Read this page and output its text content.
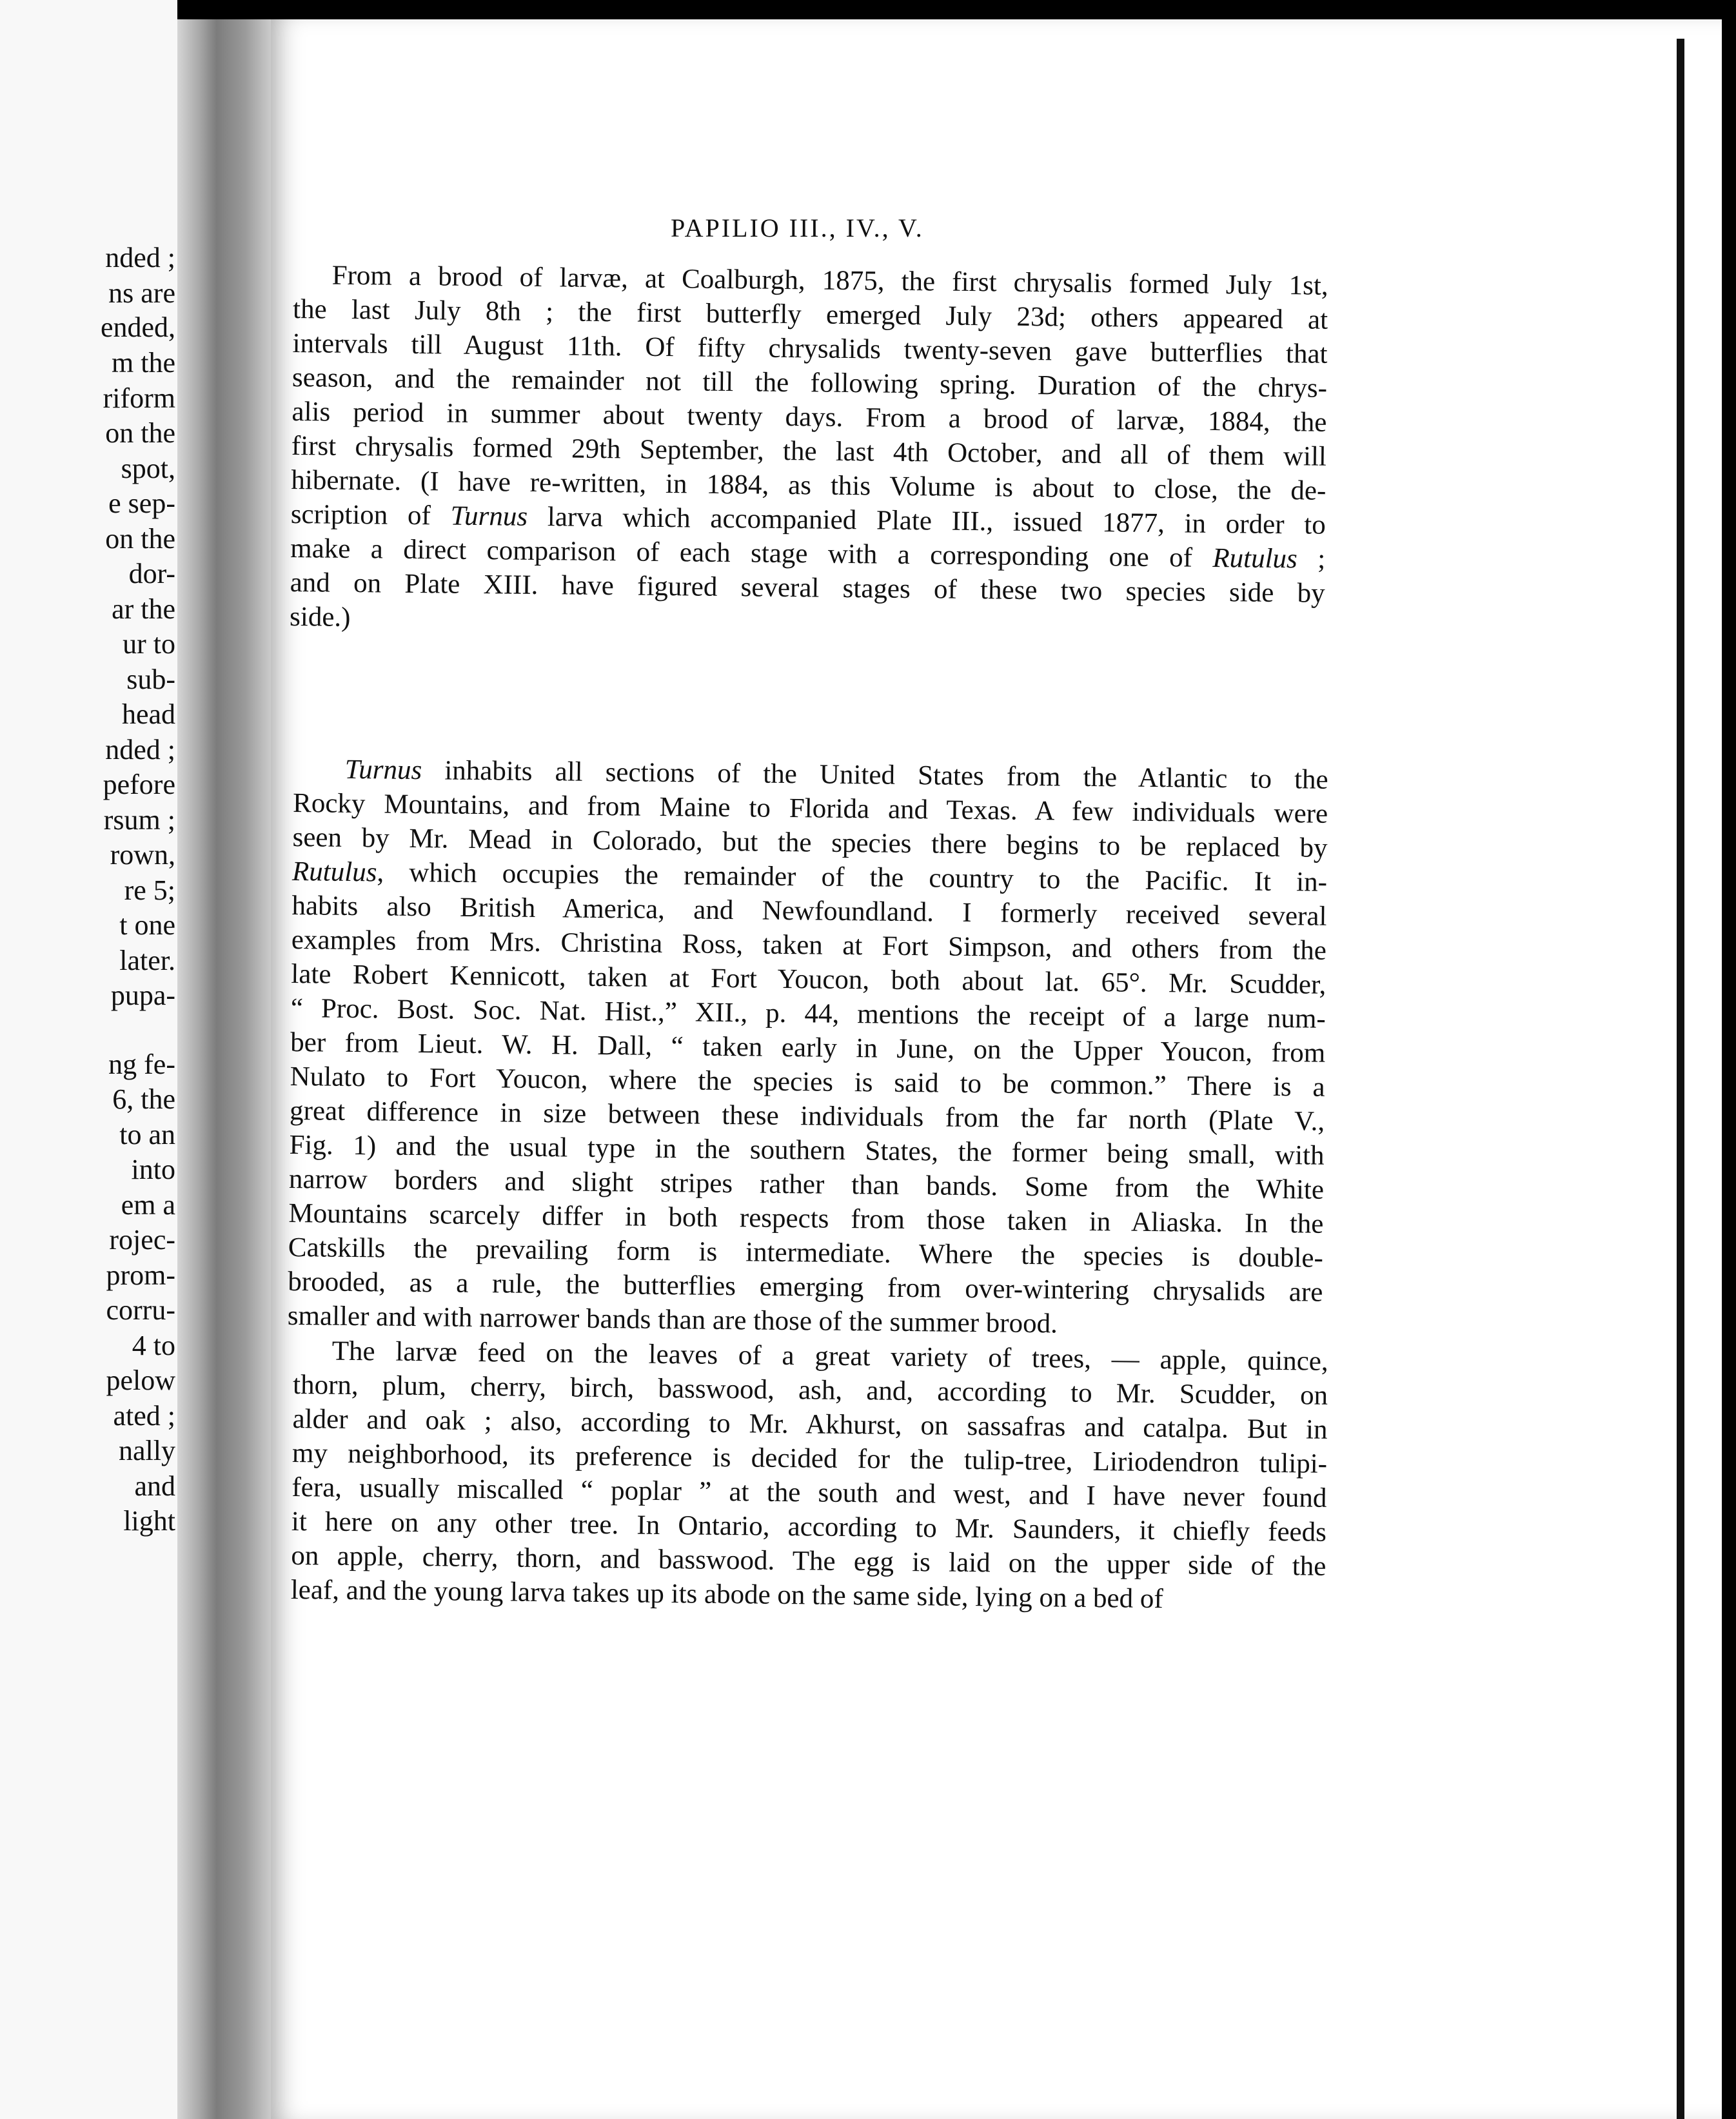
nded ;
ns are
ended,
m the
riform
on the
spot,
e sep-
on the
dor-
ar the
ur to
sub-
head
nded ;
pefore
rsum ;
rown,
re 5;
t one
later.
pupa-
ng fe-
6, the
to an
into
em a
rojec-
prom-
corru-
4 to
pelow
ated ;
nally
and
light
PAPILIO III., IV., V.
From a brood of larvæ, at Coalburgh, 1875, the first chrysalis formed July 1st,
the last July 8th ; the first butterfly emerged July 23d; others appeared at
intervals till August 11th. Of fifty chrysalids twenty-seven gave butterflies that
season, and the remainder not till the following spring. Duration of the chrys-
alis period in summer about twenty days. From a brood of larvæ, 1884, the
first chrysalis formed 29th September, the last 4th October, and all of them will
hibernate. (I have re-written, in 1884, as this Volume is about to close, the de-
scription of Turnus larva which accompanied Plate III., issued 1877, in order to
make a direct comparison of each stage with a corresponding one of Rutulus ;
and on Plate XIII. have figured several stages of these two species side by
side.)
Turnus inhabits all sections of the United States from the Atlantic to the
Rocky Mountains, and from Maine to Florida and Texas. A few individuals were
seen by Mr. Mead in Colorado, but the species there begins to be replaced by
Rutulus, which occupies the remainder of the country to the Pacific. It in-
habits also British America, and Newfoundland. I formerly received several
examples from Mrs. Christina Ross, taken at Fort Simpson, and others from the
late Robert Kennicott, taken at Fort Youcon, both about lat. 65°. Mr. Scudder,
“ Proc. Bost. Soc. Nat. Hist.,” XII., p. 44, mentions the receipt of a large num-
ber from Lieut. W. H. Dall, “ taken early in June, on the Upper Youcon, from
Nulato to Fort Youcon, where the species is said to be common.” There is a
great difference in size between these individuals from the far north (Plate V.,
Fig. 1) and the usual type in the southern States, the former being small, with
narrow borders and slight stripes rather than bands. Some from the White
Mountains scarcely differ in both respects from those taken in Aliaska. In the
Catskills the prevailing form is intermediate. Where the species is double-
brooded, as a rule, the butterflies emerging from over-wintering chrysalids are
smaller and with narrower bands than are those of the summer brood.
The larvæ feed on the leaves of a great variety of trees, — apple, quince,
thorn, plum, cherry, birch, basswood, ash, and, according to Mr. Scudder, on
alder and oak ; also, according to Mr. Akhurst, on sassafras and catalpa. But in
my neighborhood, its preference is decided for the tulip-tree, Liriodendron tulipi-
fera, usually miscalled “ poplar ” at the south and west, and I have never found
it here on any other tree. In Ontario, according to Mr. Saunders, it chiefly feeds
on apple, cherry, thorn, and basswood. The egg is laid on the upper side of the
leaf, and the young larva takes up its abode on the same side, lying on a bed of
